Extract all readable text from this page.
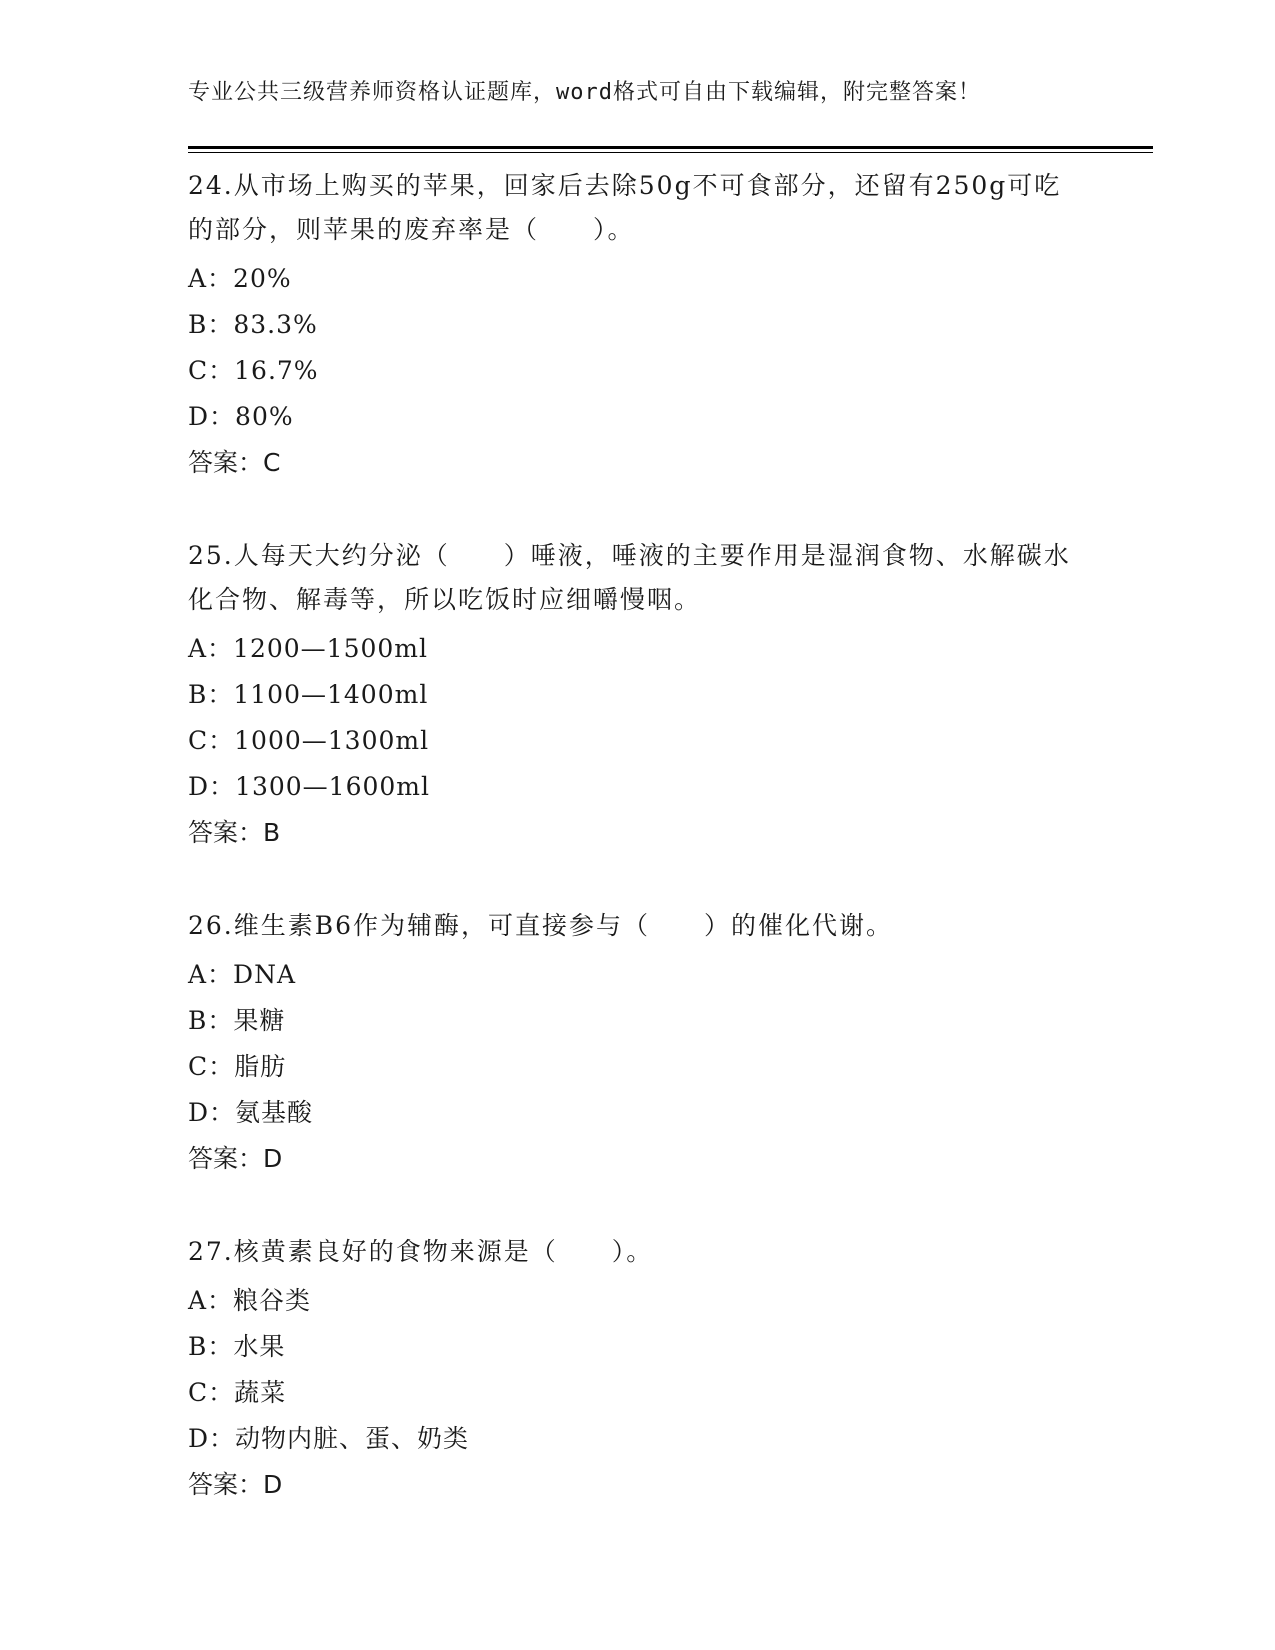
专业公共三级营养师资格认证题库，word格式可自由下载编辑，附完整答案！
24.从市场上购买的苹果，回家后去除50g不可食部分，还留有250g可吃的部分，则苹果的废弃率是（　　）。
A：20%
B：83.3%
C：16.7%
D：80%
答案：C
25.人每天大约分泌（　　）唾液，唾液的主要作用是湿润食物、水解碳水化合物、解毒等，所以吃饭时应细嚼慢咽。
A：1200—1500ml
B：1100—1400ml
C：1000—1300ml
D：1300—1600ml
答案：B
26.维生素B6作为辅酶，可直接参与（　　）的催化代谢。
A：DNA
B：果糖
C：脂肪
D：氨基酸
答案：D
27.核黄素良好的食物来源是（　　）。
A：粮谷类
B：水果
C：蔬菜
D：动物内脏、蛋、奶类
答案：D
